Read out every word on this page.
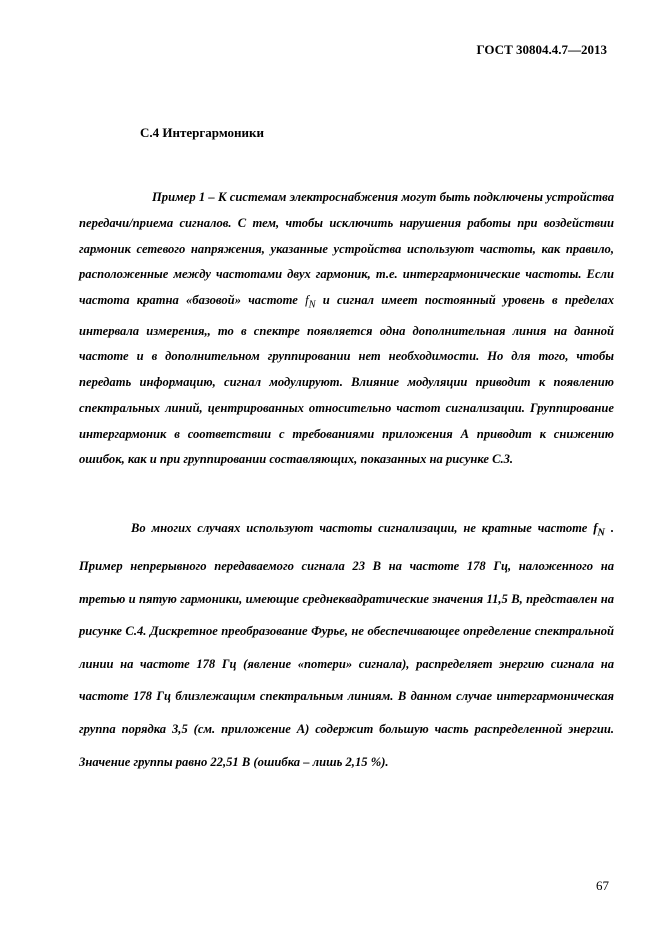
ГОСТ 30804.4.7—2013
С.4 Интергармоники
Пример 1 – К системам электроснабжения могут быть подключены устройства передачи/приема сигналов. С тем, чтобы исключить нарушения работы при воздействии гармоник сетевого напряжения, указанные устройства используют частоты, как правило, расположенные между частотами двух гармоник, т.е. интергармонические частоты. Если частота кратна «базовой» частоте $f_N$ и сигнал имеет постоянный уровень в пределах интервала измерения,, то в спектре появляется одна дополнительная линия на данной частоте и в дополнительном группировании нет необходимости. Но для того, чтобы передать информацию, сигнал модулируют. Влияние модуляции приводит к появлению спектральных линий, центрированных относительно частот сигнализации. Группирование интергармоник в соответствии с требованиями приложения А приводит к снижению ошибок, как и при группировании составляющих, показанных на рисунке С.3.
Во многих случаях используют частоты сигнализации, не кратные частоте $f_N$ . Пример непрерывного передаваемого сигнала 23 В на частоте 178 Гц, наложенного на третью и пятую гармоники, имеющие среднеквадратические значения 11,5 В, представлен на рисунке С.4. Дискретное преобразование Фурье, не обеспечивающее определение спектральной линии на частоте 178 Гц (явление «потери» сигнала), распределяет энергию сигнала на частоте 178 Гц близлежащим спектральным линиям. В данном случае интергармоническая группа порядка 3,5 (см. приложение А) содержит большую часть распределенной энергии. Значение группы равно 22,51 В (ошибка – лишь 2,15 %).
67
